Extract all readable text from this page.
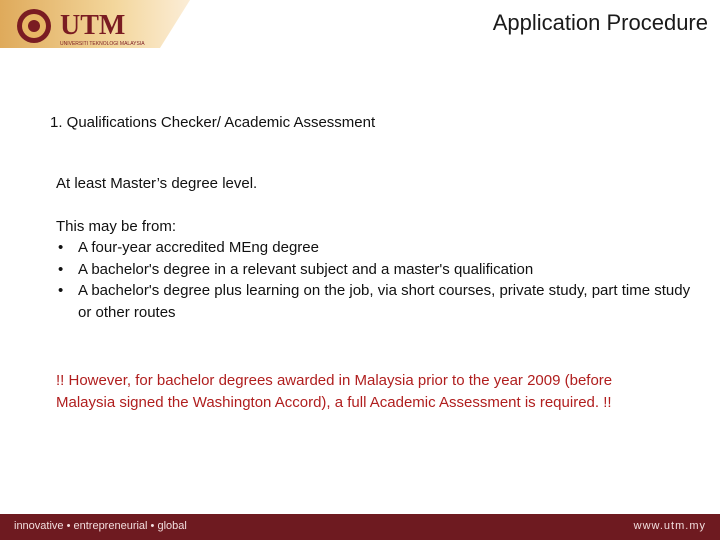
UTM
UNIVERSITI TEKNOLOGI MALAYSIA
Application Procedure
1. Qualifications Checker/ Academic Assessment
At least Master’s degree level.
This may be from:
• A four-year accredited MEng degree
• A bachelor's degree in a relevant subject and a master's qualification
• A bachelor's degree plus learning on the job, via short courses, private study, part time study or other routes
!! However, for bachelor degrees awarded in Malaysia prior to the year 2009 (before Malaysia signed the Washington Accord), a full Academic Assessment is required. !!
innovative • entrepreneurial • global	www.utm.my
